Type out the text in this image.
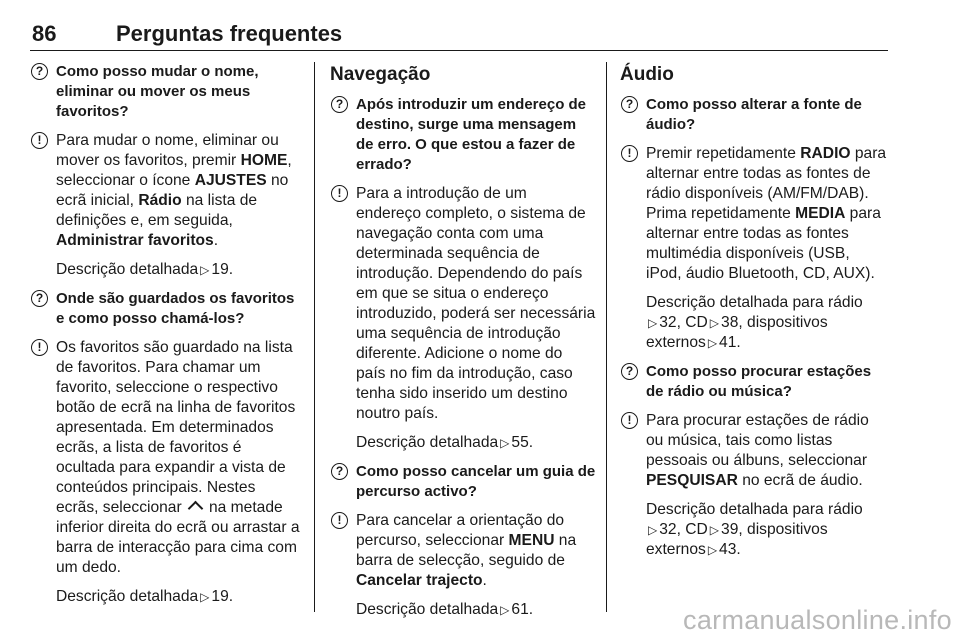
86	Perguntas frequentes
? Como posso mudar o nome, eliminar ou mover os meus favoritos?
! Para mudar o nome, eliminar ou mover os favoritos, premir HOME, seleccionar o ícone AJUSTES no ecrã inicial, Rádio na lista de definições e, em seguida, Administrar favoritos.
Descrição detalhada ▷ 19.
? Onde são guardados os favoritos e como posso chamá-los?
! Os favoritos são guardado na lista de favoritos. Para chamar um favorito, seleccione o respectivo botão de ecrã na linha de favoritos apresentada. Em determinados ecrãs, a lista de favoritos é ocultada para expandir a vista de conteúdos principais. Nestes ecrãs, seleccionar na metade inferior direita do ecrã ou arrastar a barra de interacção para cima com um dedo.
Descrição detalhada ▷ 19.
Navegação
? Após introduzir um endereço de destino, surge uma mensagem de erro. O que estou a fazer de errado?
! Para a introdução de um endereço completo, o sistema de navegação conta com uma determinada sequência de introdução. Dependendo do país em que se situa o endereço introduzido, poderá ser necessária uma sequência de introdução diferente. Adicione o nome do país no fim da introdução, caso tenha sido inserido um destino noutro país.
Descrição detalhada ▷ 55.
? Como posso cancelar um guia de percurso activo?
! Para cancelar a orientação do percurso, seleccionar MENU na barra de selecção, seguido de Cancelar trajecto.
Descrição detalhada ▷ 61.
Áudio
? Como posso alterar a fonte de áudio?
! Premir repetidamente RADIO para alternar entre todas as fontes de rádio disponíveis (AM/FM/DAB). Prima repetidamente MEDIA para alternar entre todas as fontes multimédia disponíveis (USB, iPod, áudio Bluetooth, CD, AUX).
Descrição detalhada para rádio
▷ 32, CD ▷ 38, dispositivos externos ▷ 41.
? Como posso procurar estações de rádio ou música?
! Para procurar estações de rádio ou música, tais como listas pessoais ou álbuns, seleccionar PESQUISAR no ecrã de áudio.
Descrição detalhada para rádio
▷ 32, CD ▷ 39, dispositivos externos ▷ 43.
carmanualsonline.info
